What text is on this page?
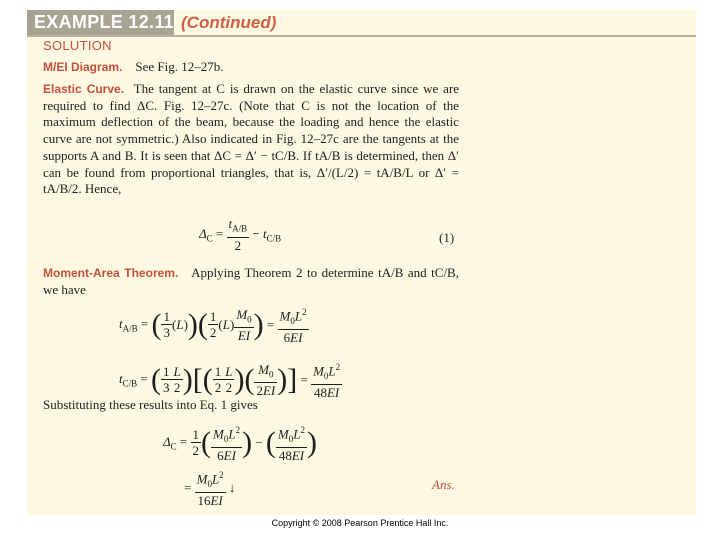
EXAMPLE 12.11 (Continued)
SOLUTION
M/EI Diagram. See Fig. 12–27b.
Elastic Curve. The tangent at C is drawn on the elastic curve since we are required to find ΔC. Fig. 12–27c. (Note that C is not the location of the maximum deflection of the beam, because the loading and hence the elastic curve are not symmetric.) Also indicated in Fig. 12–27c are the tangents at the supports A and B. It is seen that ΔC = Δ′ − tC/B. If tA/B is determined, then Δ′ can be found from proportional triangles, that is, Δ′/(L/2) = tA/B/L or Δ′ = tA/B/2. Hence,
$\Delta_C = \frac{t_{A/B}}{2} - t_{C/B}$	(1)
Moment-Area Theorem. Applying Theorem 2 to determine tA/B and tC/B, we have
$t_{A/B}$ = ( $\frac{1}{3} (L))( \frac{1}{2} (L) \frac{M_0}{EI}$ ) = $\frac{M_0L^2}{6EI}$
$t_{C/B}$ = ( $\frac{1}{3} \frac{L}{2}$ )[( $\frac{1}{2} \frac{L}{2}$ )( $\frac{M_0}{2EI}$ )] = $\frac{M_0L^2}{48EI}$
Substituting these results into Eq. 1 gives
$\Delta_C = \frac{1}{2}$ ( $\frac{M_0L^2}{6EI}$ ) − ( $\frac{M_0L^2}{48EI}$ )
= $\frac{M_0L^2}{16EI}$ ↓	Ans.
Copyright © 2008 Pearson Prentice Hall Inc.
